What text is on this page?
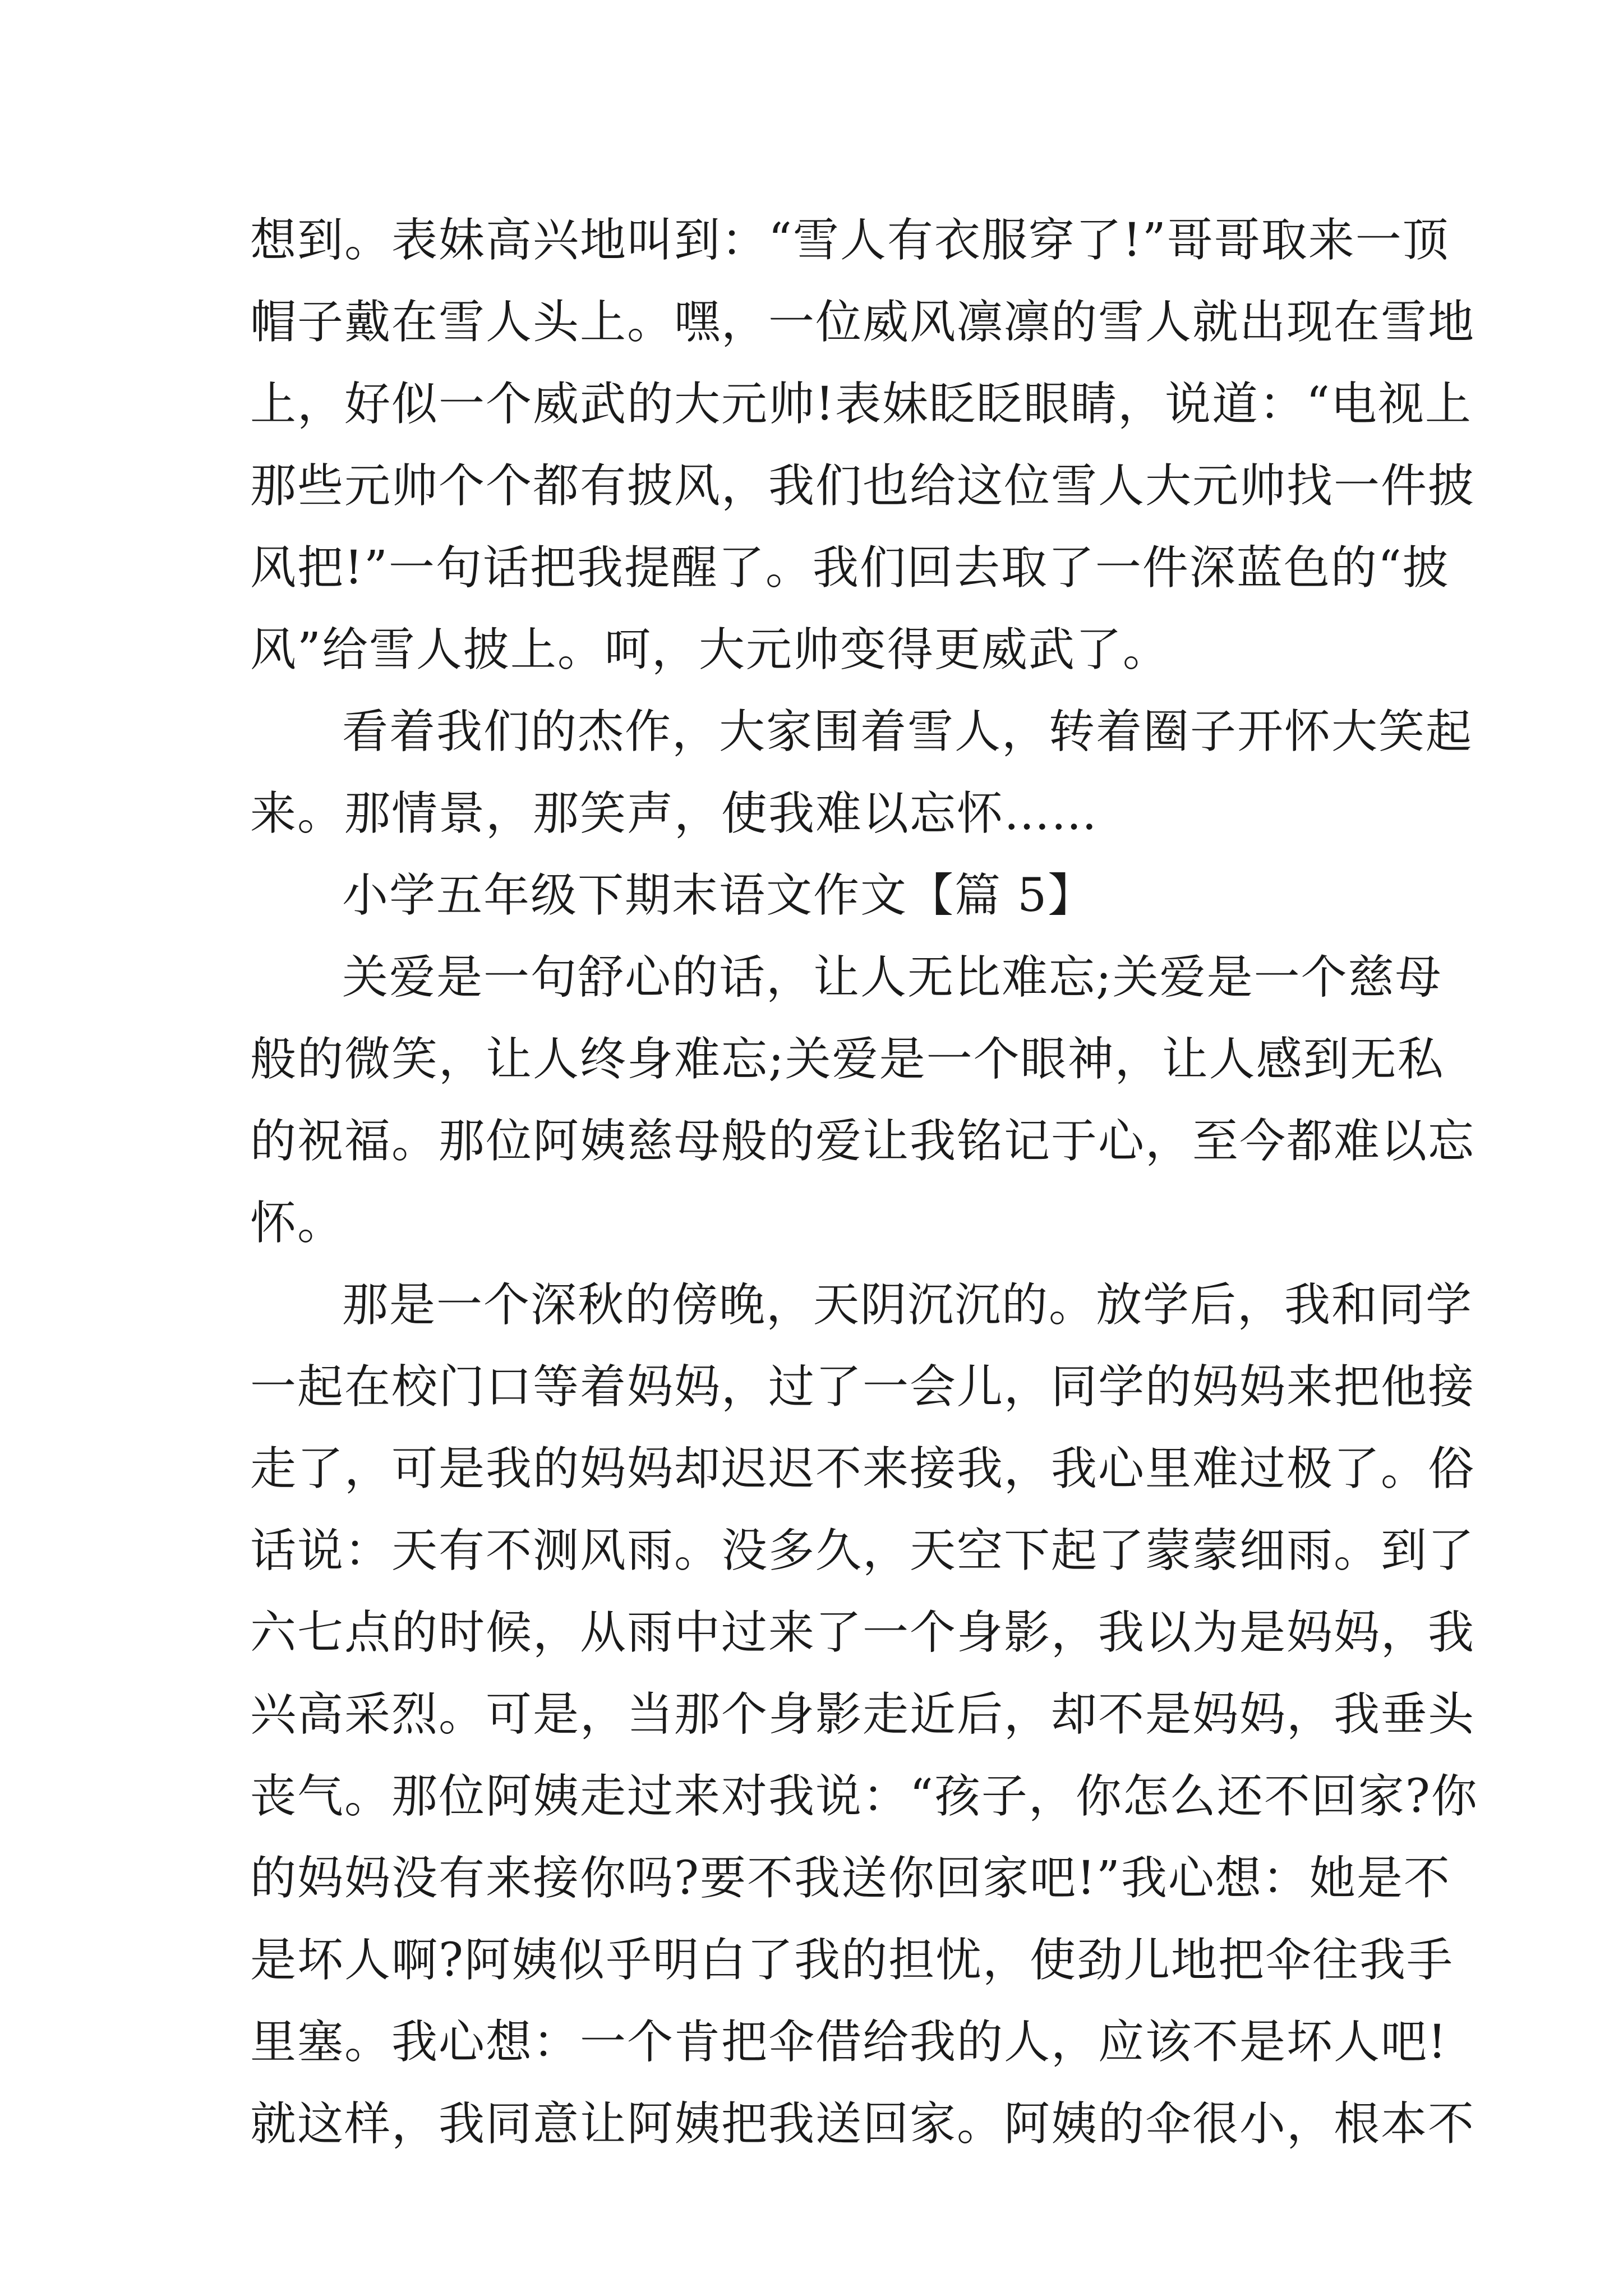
想到。表妹高兴地叫到：“雪人有衣服穿了!”哥哥取来一顶
帽子戴在雪人头上。嘿，一位威风凛凛的雪人就出现在雪地
上，好似一个威武的大元帅!表妹眨眨眼睛，说道：“电视上
那些元帅个个都有披风，我们也给这位雪人大元帅找一件披
风把!”一句话把我提醒了。我们回去取了一件深蓝色的“披
风”给雪人披上。呵，大元帅变得更威武了。
看着我们的杰作，大家围着雪人，转着圈子开怀大笑起
来。那情景，那笑声，使我难以忘怀……
小学五年级下期末语文作文【篇 5】
关爱是一句舒心的话，让人无比难忘;关爱是一个慈母
般的微笑，让人终身难忘;关爱是一个眼神，让人感到无私
的祝福。那位阿姨慈母般的爱让我铭记于心，至今都难以忘
怀。
那是一个深秋的傍晚，天阴沉沉的。放学后，我和同学
一起在校门口等着妈妈，过了一会儿，同学的妈妈来把他接
走了，可是我的妈妈却迟迟不来接我，我心里难过极了。俗
话说：天有不测风雨。没多久，天空下起了蒙蒙细雨。到了
六七点的时候，从雨中过来了一个身影，我以为是妈妈，我
兴高采烈。可是，当那个身影走近后，却不是妈妈，我垂头
丧气。那位阿姨走过来对我说：“孩子，你怎么还不回家?你
的妈妈没有来接你吗?要不我送你回家吧!”我心想：她是不
是坏人啊?阿姨似乎明白了我的担忧，使劲儿地把伞往我手
里塞。我心想：一个肯把伞借给我的人，应该不是坏人吧!
就这样，我同意让阿姨把我送回家。阿姨的伞很小，根本不
